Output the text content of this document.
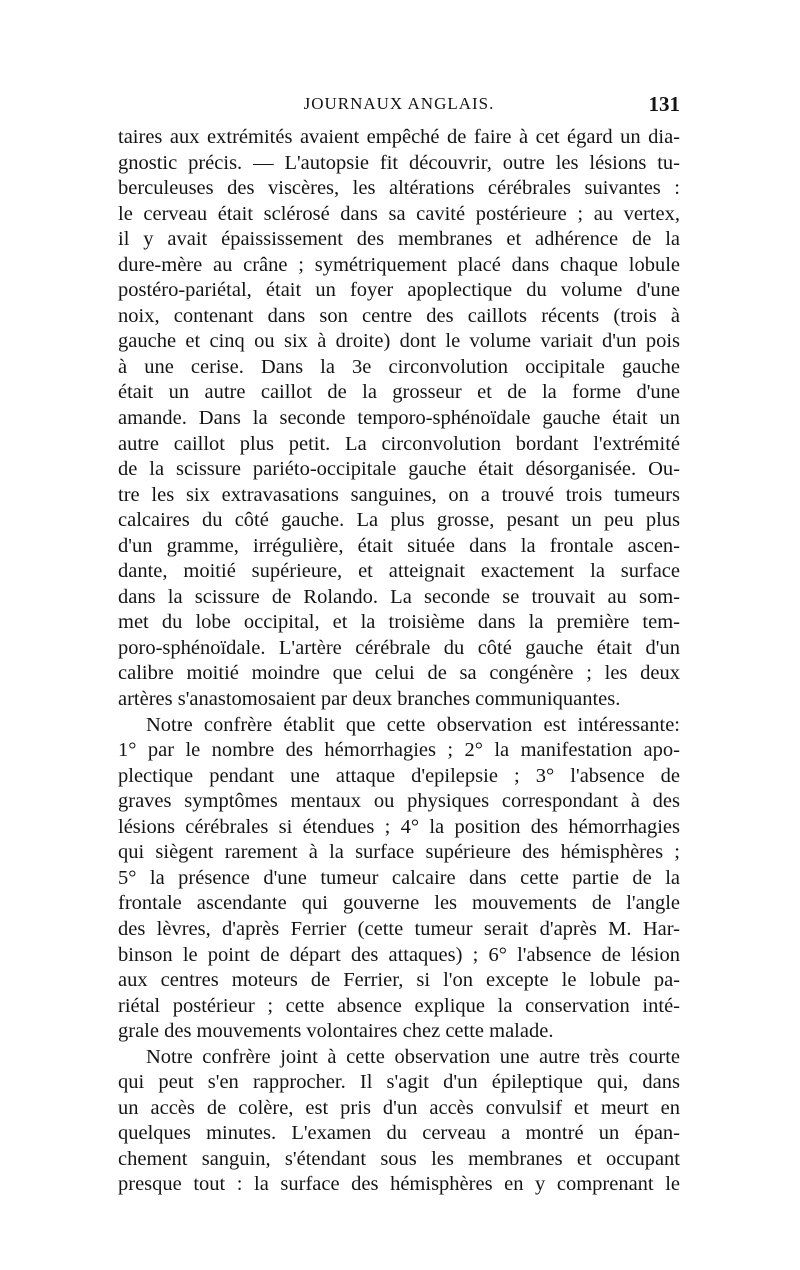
JOURNAUX ANGLAIS.	131
taires aux extrémités avaient empêché de faire à cet égard un dia-
gnostic précis. — L'autopsie fit découvrir, outre les lésions tu-
berculeuses des viscères, les altérations cérébrales suivantes :
le cerveau était sclérosé dans sa cavité postérieure ; au vertex,
il y avait épaississement des membranes et adhérence de la
dure-mère au crâne ; symétriquement placé dans chaque lobule
postéro-pariétal, était un foyer apoplectique du volume d'une
noix, contenant dans son centre des caillots récents (trois à
gauche et cinq ou six à droite) dont le volume variait d'un pois
à une cerise. Dans la 3e circonvolution occipitale gauche
était un autre caillot de la grosseur et de la forme d'une
amande. Dans la seconde temporo-sphénoïdale gauche était un
autre caillot plus petit. La circonvolution bordant l'extrémité
de la scissure pariéto-occipitale gauche était désorganisée. Ou-
tre les six extravasations sanguines, on a trouvé trois tumeurs
calcaires du côté gauche. La plus grosse, pesant un peu plus
d'un gramme, irrégulière, était située dans la frontale ascen-
dante, moitié supérieure, et atteignait exactement la surface
dans la scissure de Rolando. La seconde se trouvait au som-
met du lobe occipital, et la troisième dans la première tem-
poro-sphénoïdale. L'artère cérébrale du côté gauche était d'un
calibre moitié moindre que celui de sa congénère ; les deux
artères s'anastomosaient par deux branches communiquantes.
Notre confrère établit que cette observation est intéressante:
1° par le nombre des hémorrhagies ; 2° la manifestation apo-
plectique pendant une attaque d'epilepsie ; 3° l'absence de
graves symptômes mentaux ou physiques correspondant à des
lésions cérébrales si étendues ; 4° la position des hémorrhagies
qui siègent rarement à la surface supérieure des hémisphères ;
5° la présence d'une tumeur calcaire dans cette partie de la
frontale ascendante qui gouverne les mouvements de l'angle
des lèvres, d'après Ferrier (cette tumeur serait d'après M. Har-
binson le point de départ des attaques) ; 6° l'absence de lésion
aux centres moteurs de Ferrier, si l'on excepte le lobule pa-
riétal postérieur ; cette absence explique la conservation inté-
grale des mouvements volontaires chez cette malade.
Notre confrère joint à cette observation une autre très courte
qui peut s'en rapprocher. Il s'agit d'un épileptique qui, dans
un accès de colère, est pris d'un accès convulsif et meurt en
quelques minutes. L'examen du cerveau a montré un épan-
chement sanguin, s'étendant sous les membranes et occupant
presque tout : la surface des hémisphères en y comprenant le
